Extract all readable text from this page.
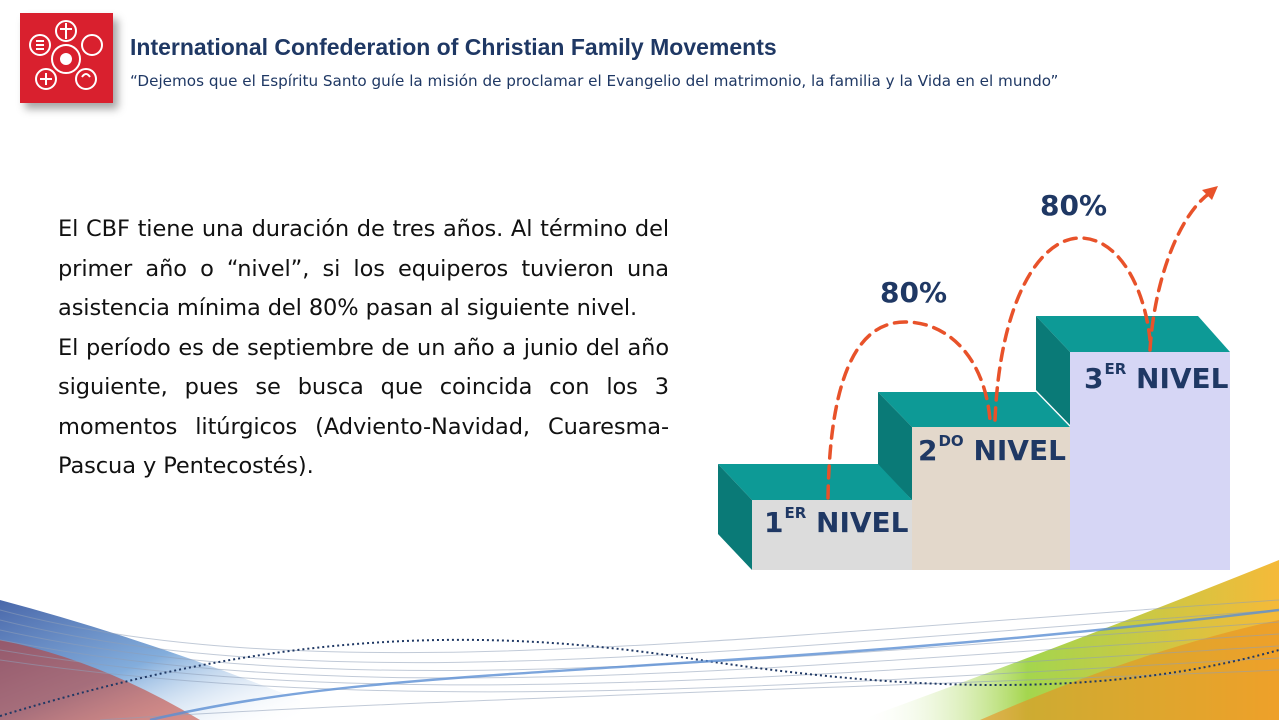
International Confederation of Christian Family Movements
“Dejemos que el Espíritu Santo guíe la misión de proclamar el Evangelio del matrimonio, la familia y la Vida en el mundo”

El CBF tiene una duración de tres años. Al término del primer año o “nivel”, si los equiperos tuvieron una asistencia mínima del 80% pasan al siguiente nivel.

El período es de septiembre de un año a junio del año siguiente, pues se busca que coincida con los 3 momentos litúrgicos (Adviento-Navidad, Cuaresma-Pascua y Pentecostés).

80%
80%
1ER NIVEL
$2^{DO}$ NIVEL
3ER NIVEL
